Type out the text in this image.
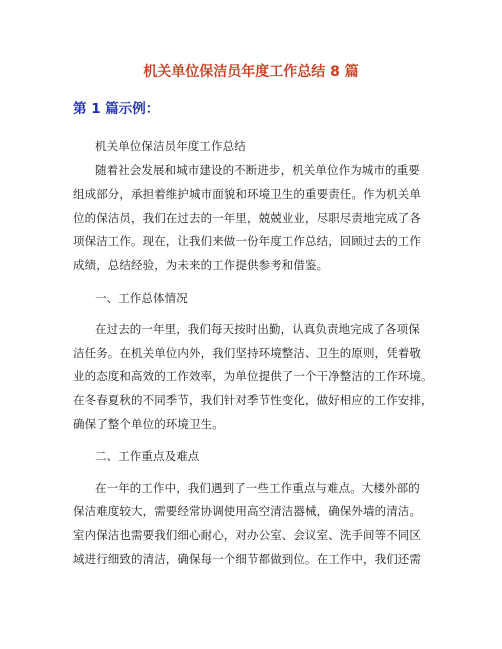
机关单位保洁员年度工作总结 8 篇
第 1 篇示例：
机关单位保洁员年度工作总结
随着社会发展和城市建设的不断进步，机关单位作为城市的重要
组成部分，承担着维护城市面貌和环境卫生的重要责任。作为机关单
位的保洁员，我们在过去的一年里，兢兢业业，尽职尽责地完成了各
项保洁工作。现在，让我们来做一份年度工作总结，回顾过去的工作
成绩，总结经验，为未来的工作提供参考和借鉴。
一、工作总体情况
在过去的一年里，我们每天按时出勤，认真负责地完成了各项保
洁任务。在机关单位内外，我们坚持环境整洁、卫生的原则，凭着敬
业的态度和高效的工作效率，为单位提供了一个干净整洁的工作环境。
在冬春夏秋的不同季节，我们针对季节性变化，做好相应的工作安排，
确保了整个单位的环境卫生。
二、工作重点及难点
在一年的工作中，我们遇到了一些工作重点与难点。大楼外部的
保洁难度较大，需要经常协调使用高空清洁器械，确保外墙的清洁。
室内保洁也需要我们细心耐心，对办公室、会议室、洗手间等不同区
域进行细致的清洁，确保每一个细节都做到位。在工作中，我们还需
